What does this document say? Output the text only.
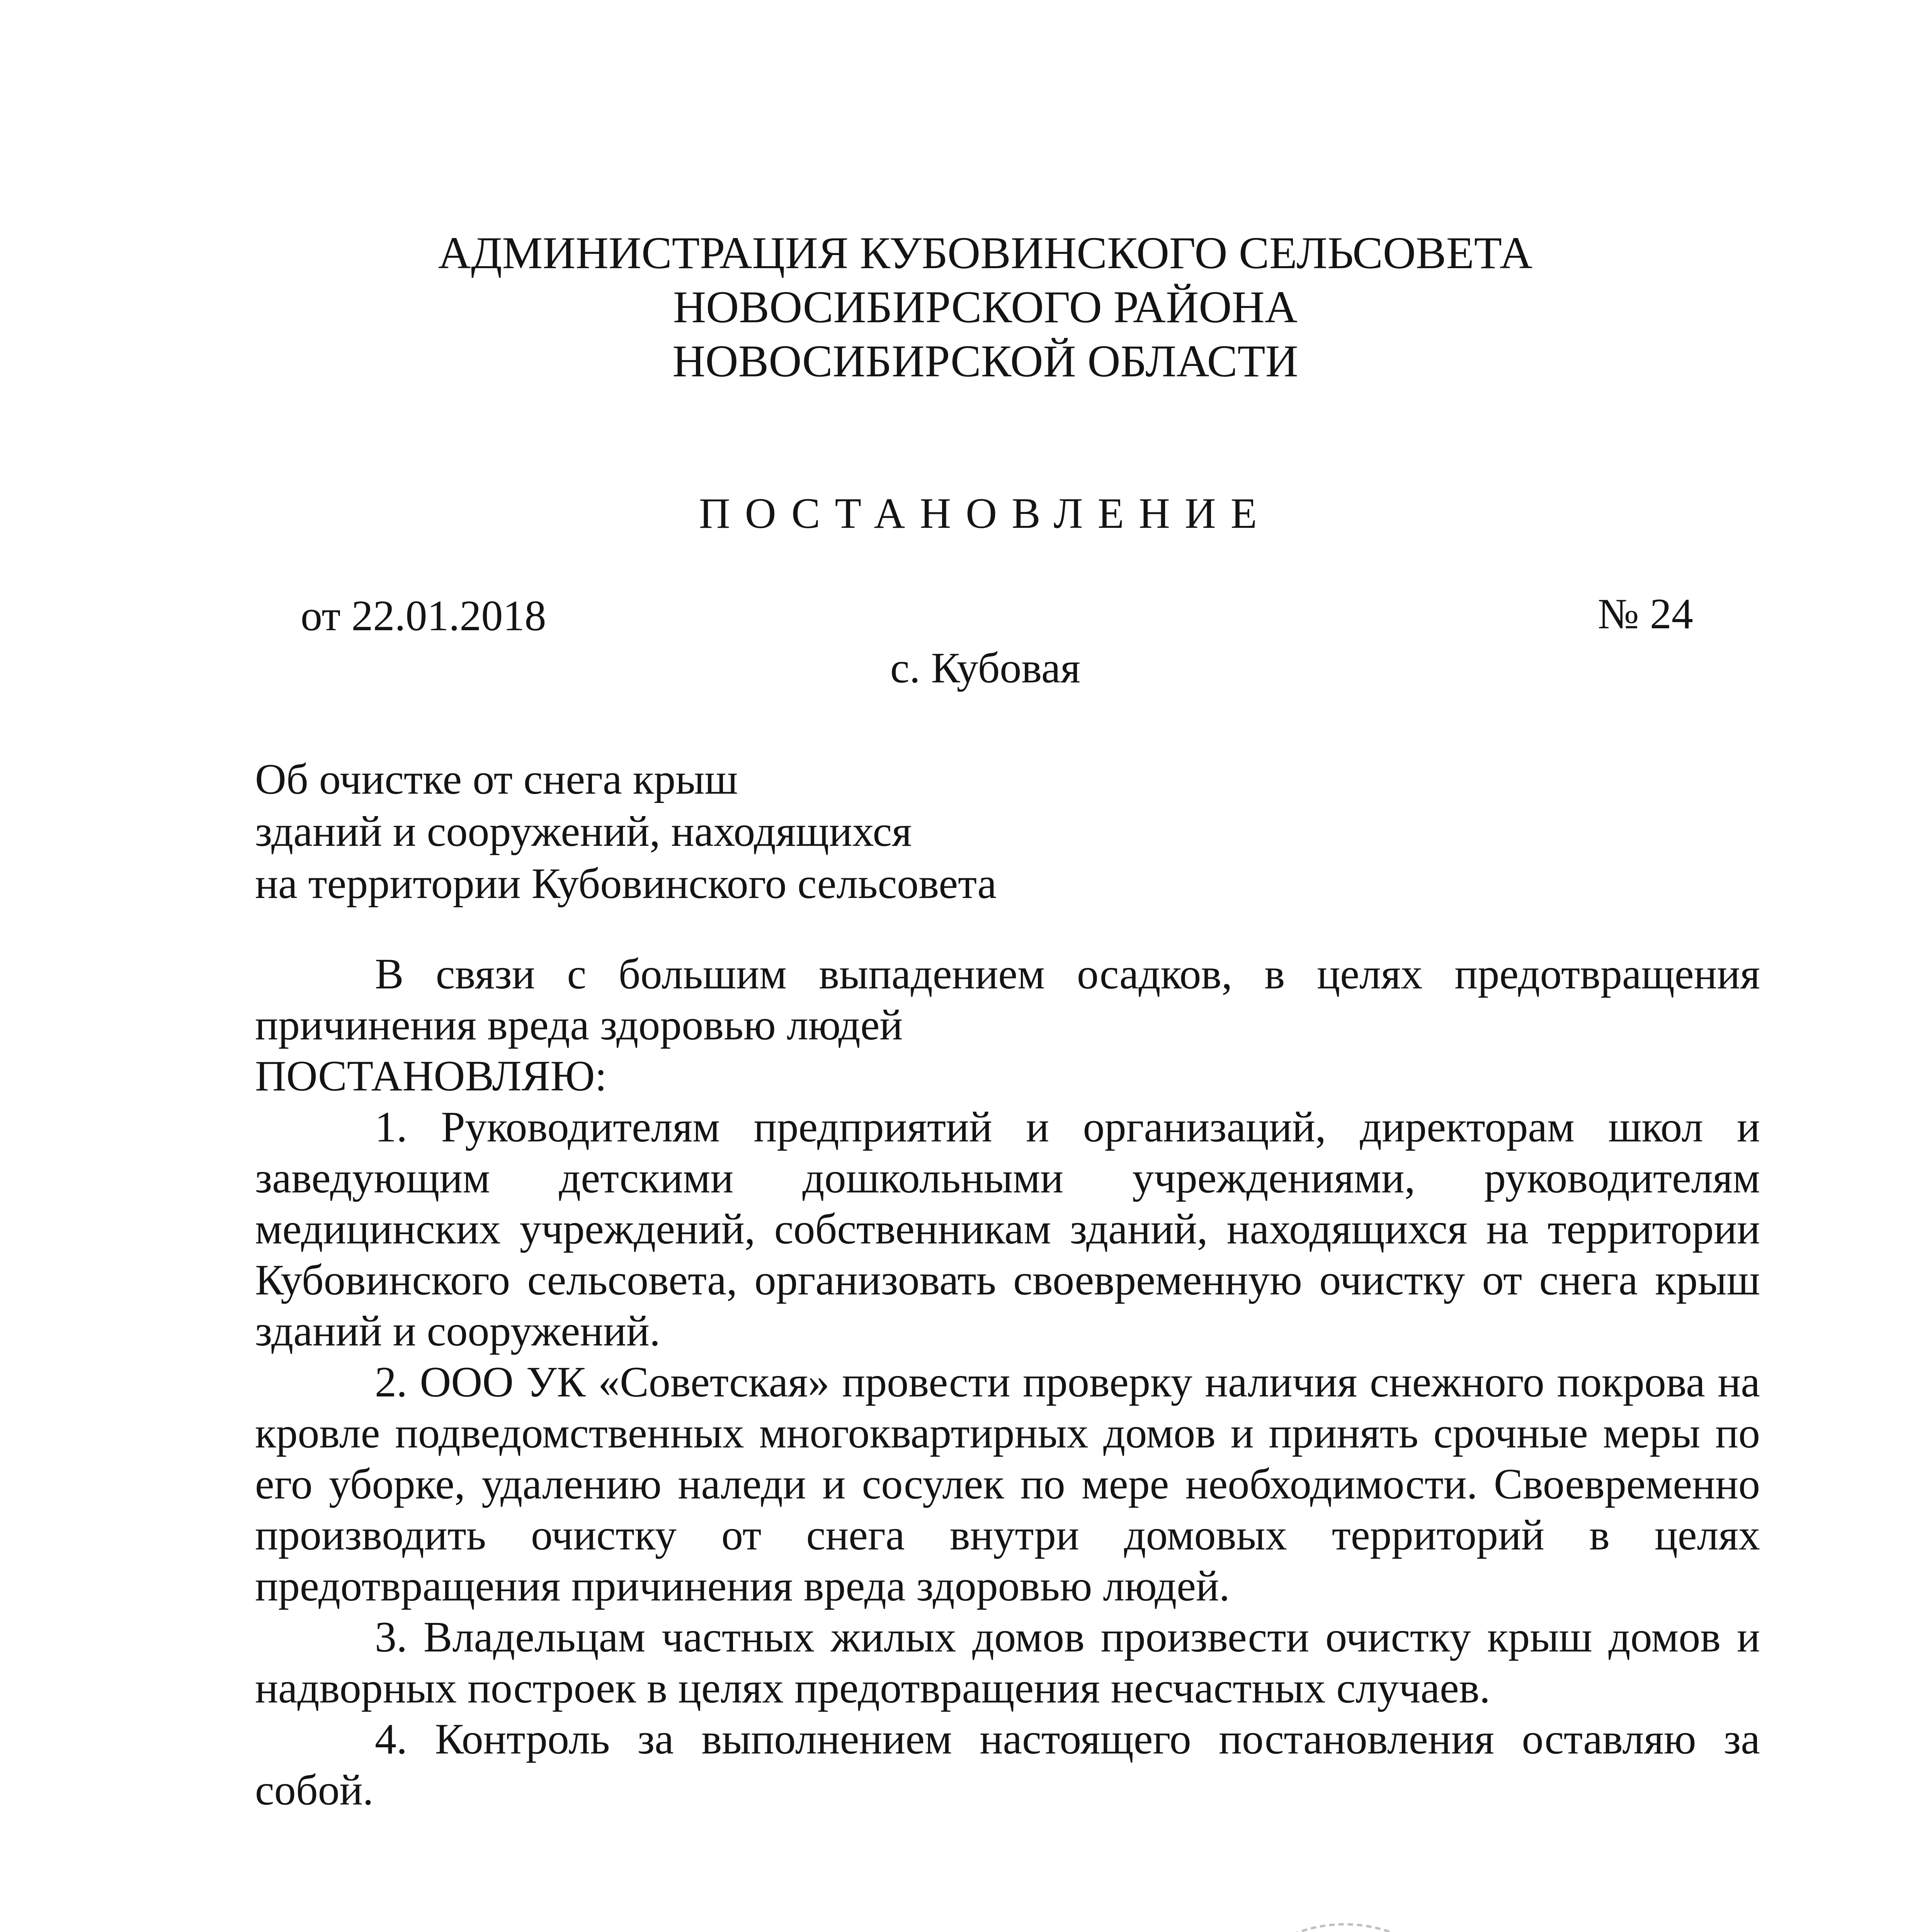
АДМИНИСТРАЦИЯ КУБОВИНСКОГО СЕЛЬСОВЕТА
НОВОСИБИРСКОГО РАЙОНА
НОВОСИБИРСКОЙ ОБЛАСТИ
ПОСТАНОВЛЕНИЕ
от 22.01.2018	№ 24
с. Кубовая
Об очистке от снега крыш
зданий и сооружений, находящихся
на территории Кубовинского сельсовета

В связи с большим выпадением осадков, в целях предотвращения причинения вреда здоровью людей

ПОСТАНОВЛЯЮ:

1. Руководителям предприятий и организаций, директорам школ и заведующим детскими дошкольными учреждениями, руководителям медицинских учреждений, собственникам зданий, находящихся на территории Кубовинского сельсовета, организовать своевременную очистку от снега крыш зданий и сооружений.

2. ООО УК «Советская» провести проверку наличия снежного покрова на кровле подведомственных многоквартирных домов и принять срочные меры по его уборке, удалению наледи и сосулек по мере необходимости. Своевременно производить очистку от снега внутри домовых территорий в целях предотвращения причинения вреда здоровью людей.

3. Владельцам частных жилых домов произвести очистку крыш домов и надворных построек в целях предотвращения несчастных случаев.

4. Контроль за выполнением настоящего постановления оставляю за собой.
